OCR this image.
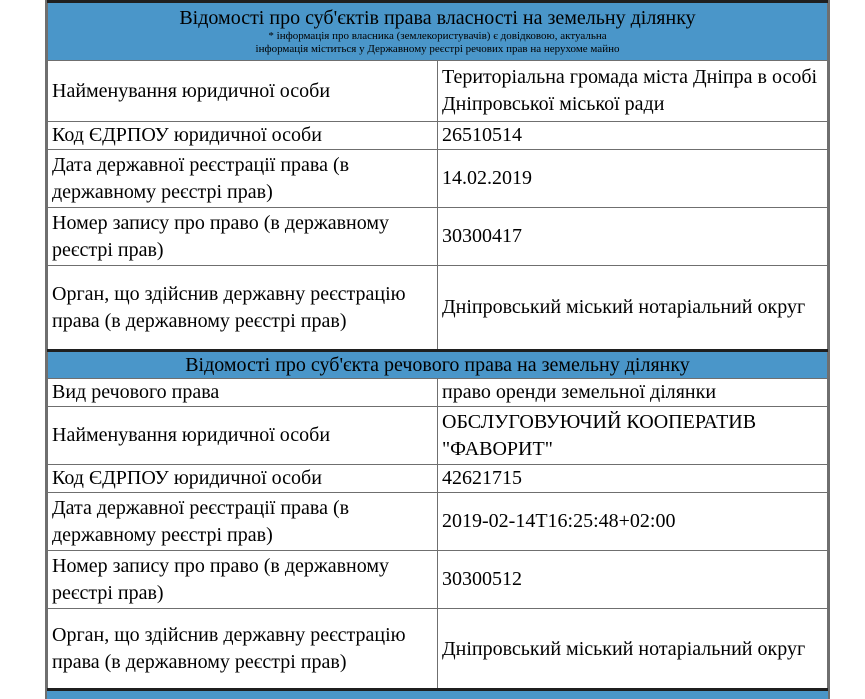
Відомості про суб'єктів права власності на земельну ділянку
* інформація про власника (землекористувачів) є довідковою, актуальна
інформація міститься у Державному реєстрі речових прав на нерухоме майно	

Найменування юридичної особи	Територіальна громада міста Дніпра в особі Дніпровської міської ради
Код ЄДРПОУ юридичної особи	26510514
Дата державної реєстрації права (в державному реєстрі прав)	14.02.2019
Номер запису про право (в державному реєстрі прав)	30300417
Орган, що здійснив державну реєстрацію права (в державному реєстрі прав)	Дніпровський міський нотаріальний округ

Відомості про суб'єкта речового права на земельну ділянку	

Вид речового права	право оренди земельної ділянки
Найменування юридичної особи	ОБСЛУГОВУЮЧИЙ КООПЕРАТИВ "ФАВОРИТ"
Код ЄДРПОУ юридичної особи	42621715
Дата державної реєстрації права (в державному реєстрі прав)	2019-02-14T16:25:48+02:00
Номер запису про право (в державному реєстрі прав)	30300512
Орган, що здійснив державну реєстрацію права (в державному реєстрі прав)	Дніпровський міський нотаріальний округ
